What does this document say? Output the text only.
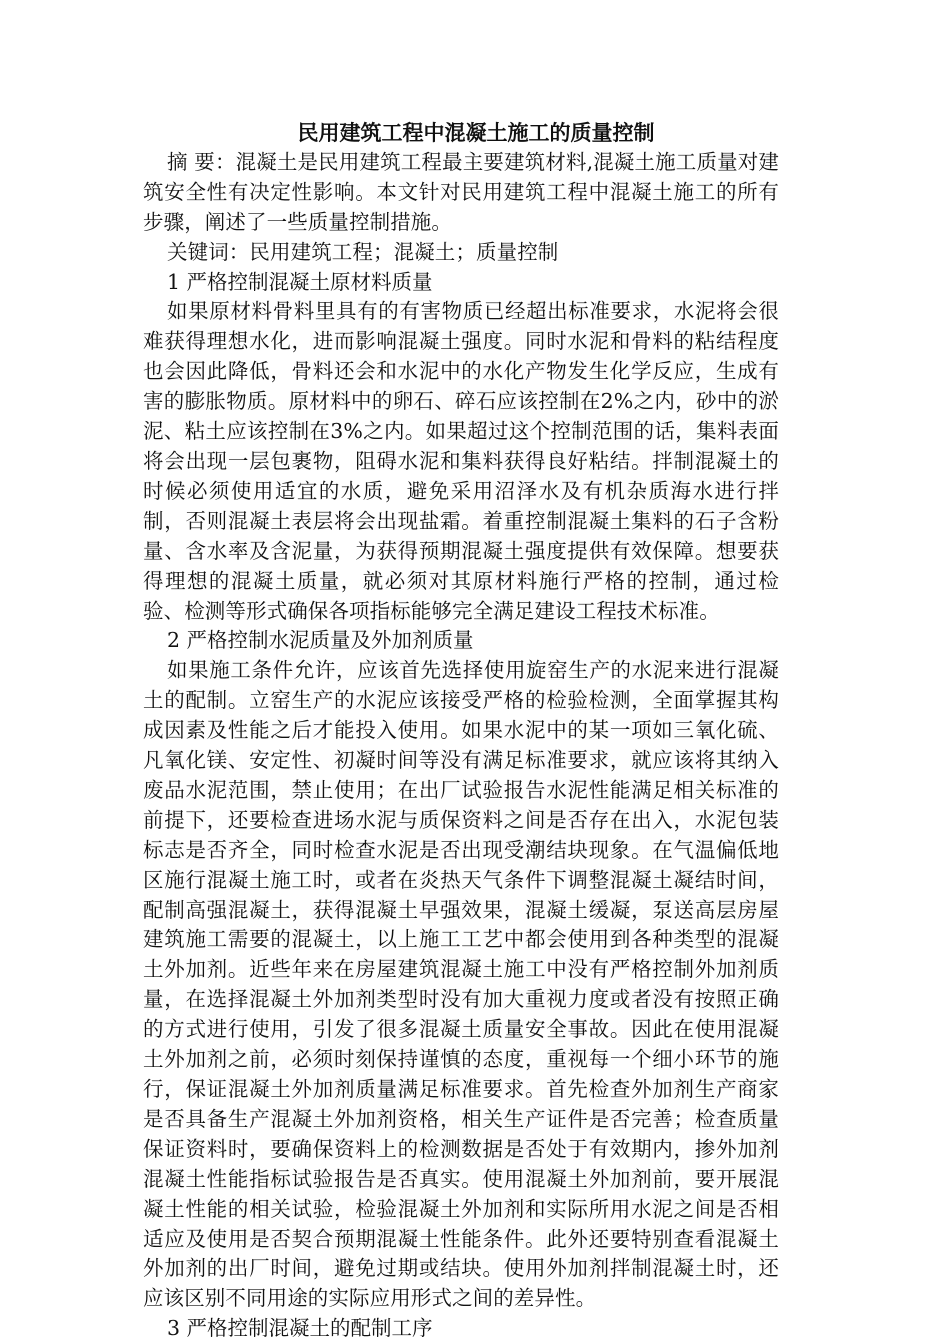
民用建筑工程中混凝土施工的质量控制

摘 要：混凝土是民用建筑工程最主要建筑材料,混凝土施工质量对建筑安全性有决定性影响。本文针对民用建筑工程中混凝土施工的所有步骤，阐述了一些质量控制措施。

关键词：民用建筑工程；混凝土；质量控制

1 严格控制混凝土原材料质量

如果原材料骨料里具有的有害物质已经超出标准要求，水泥将会很难获得理想水化，进而影响混凝土强度。同时水泥和骨料的粘结程度也会因此降低，骨料还会和水泥中的水化产物发生化学反应，生成有害的膨胀物质。原材料中的卵石、碎石应该控制在2%之内，砂中的淤泥、粘土应该控制在3%之内。如果超过这个控制范围的话，集料表面将会出现一层包裹物，阻碍水泥和集料获得良好粘结。拌制混凝土的时候必须使用适宜的水质，避免采用沼泽水及有机杂质海水进行拌制，否则混凝土表层将会出现盐霜。着重控制混凝土集料的石子含粉量、含水率及含泥量，为获得预期混凝土强度提供有效保障。想要获得理想的混凝土质量，就必须对其原材料施行严格的控制，通过检验、检测等形式确保各项指标能够完全满足建设工程技术标准。

2 严格控制水泥质量及外加剂质量

如果施工条件允许，应该首先选择使用旋窑生产的水泥来进行混凝土的配制。立窑生产的水泥应该接受严格的检验检测，全面掌握其构成因素及性能之后才能投入使用。如果水泥中的某一项如三氧化硫、凡氧化镁、安定性、初凝时间等没有满足标准要求，就应该将其纳入废品水泥范围，禁止使用；在出厂试验报告水泥性能满足相关标准的前提下，还要检查进场水泥与质保资料之间是否存在出入，水泥包装标志是否齐全，同时检查水泥是否出现受潮结块现象。在气温偏低地区施行混凝土施工时，或者在炎热天气条件下调整混凝土凝结时间，配制高强混凝土，获得混凝土早强效果，混凝土缓凝，泵送高层房屋建筑施工需要的混凝土，以上施工工艺中都会使用到各种类型的混凝土外加剂。近些年来在房屋建筑混凝土施工中没有严格控制外加剂质量，在选择混凝土外加剂类型时没有加大重视力度或者没有按照正确的方式进行使用，引发了很多混凝土质量安全事故。因此在使用混凝土外加剂之前，必须时刻保持谨慎的态度，重视每一个细小环节的施行，保证混凝土外加剂质量满足标准要求。首先检查外加剂生产商家是否具备生产混凝土外加剂资格，相关生产证件是否完善；检查质量保证资料时，要确保资料上的检测数据是否处于有效期内，掺外加剂混凝土性能指标试验报告是否真实。使用混凝土外加剂前，要开展混凝土性能的相关试验，检验混凝土外加剂和实际所用水泥之间是否相适应及使用是否契合预期混凝土性能条件。此外还要特别查看混凝土外加剂的出厂时间，避免过期或结块。使用外加剂拌制混凝土时，还应该区别不同用途的实际应用形式之间的差异性。

3 严格控制混凝土的配制工序
